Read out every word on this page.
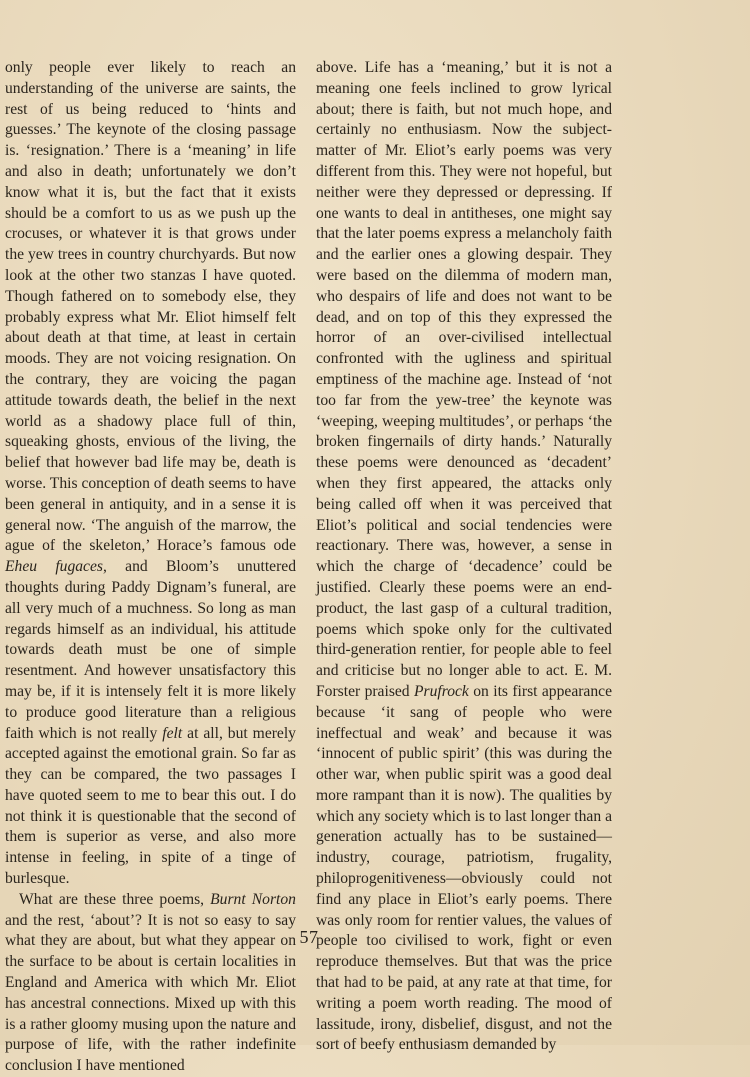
only people ever likely to reach an understanding of the universe are saints, the rest of us being reduced to ‘hints and guesses.’ The keynote of the closing passage is. ‘resignation.’ There is a ‘meaning’ in life and also in death; unfortunately we don’t know what it is, but the fact that it exists should be a comfort to us as we push up the crocuses, or whatever it is that grows under the yew trees in country churchyards. But now look at the other two stanzas I have quoted. Though fathered on to somebody else, they probably express what Mr. Eliot himself felt about death at that time, at least in certain moods. They are not voicing resignation. On the contrary, they are voicing the pagan attitude towards death, the belief in the next world as a shadowy place full of thin, squeaking ghosts, envious of the living, the belief that however bad life may be, death is worse. This conception of death seems to have been general in antiquity, and in a sense it is general now. ‘The anguish of the marrow, the ague of the skeleton,’ Horace’s famous ode Eheu fugaces, and Bloom’s unuttered thoughts during Paddy Dignam’s funeral, are all very much of a muchness. So long as man regards himself as an individual, his attitude towards death must be one of simple resentment. And however unsatisfactory this may be, if it is intensely felt it is more likely to produce good literature than a religious faith which is not really felt at all, but merely accepted against the emotional grain. So far as they can be compared, the two passages I have quoted seem to me to bear this out. I do not think it is questionable that the second of them is superior as verse, and also more intense in feeling, in spite of a tinge of burlesque.

What are these three poems, Burnt Norton and the rest, ‘about’? It is not so easy to say what they are about, but what they appear on the surface to be about is certain localities in England and America with which Mr. Eliot has ancestral connections. Mixed up with this is a rather gloomy musing upon the nature and purpose of life, with the rather indefinite conclusion I have mentioned

above. Life has a ‘meaning,’ but it is not a meaning one feels inclined to grow lyrical about; there is faith, but not much hope, and certainly no enthusiasm. Now the subject-matter of Mr. Eliot’s early poems was very different from this. They were not hopeful, but neither were they depressed or depressing. If one wants to deal in antitheses, one might say that the later poems express a melancholy faith and the earlier ones a glowing despair. They were based on the dilemma of modern man, who despairs of life and does not want to be dead, and on top of this they expressed the horror of an over-civilised intellectual confronted with the ugliness and spiritual emptiness of the machine age. Instead of ‘not too far from the yew-tree’ the keynote was ‘weeping, weeping multitudes’, or perhaps ‘the broken fingernails of dirty hands.’ Naturally these poems were denounced as ‘decadent’ when they first appeared, the attacks only being called off when it was perceived that Eliot’s political and social tendencies were reactionary. There was, however, a sense in which the charge of ‘decadence’ could be justified. Clearly these poems were an end-product, the last gasp of a cultural tradition, poems which spoke only for the cultivated third-generation rentier, for people able to feel and criticise but no longer able to act. E. M. Forster praised Prufrock on its first appearance because ‘it sang of people who were ineffectual and weak’ and because it was ‘innocent of public spirit’ (this was during the other war, when public spirit was a good deal more rampant than it is now). The qualities by which any society which is to last longer than a generation actually has to be sustained—industry, courage, patriotism, frugality, philoprogenitiveness—obviously could not find any place in Eliot’s early poems. There was only room for rentier values, the values of people too civilised to work, fight or even reproduce themselves. But that was the price that had to be paid, at any rate at that time, for writing a poem worth reading. The mood of lassitude, irony, disbelief, disgust, and not the sort of beefy enthusiasm demanded by

57
